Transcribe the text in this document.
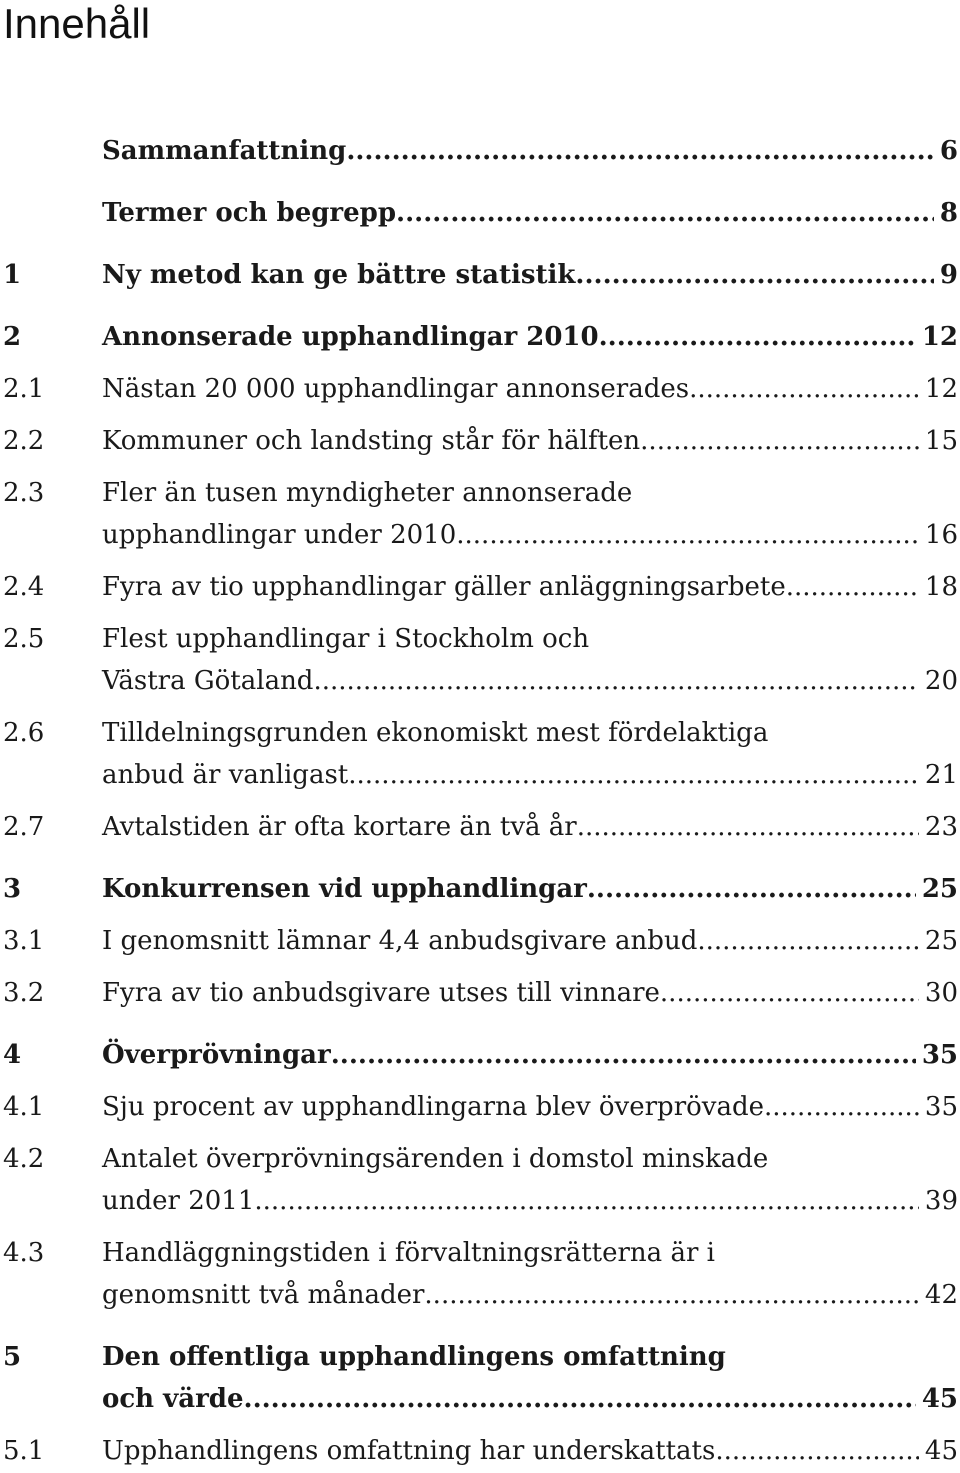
Innehåll
Sammanfattning .....	6
Termer och begrepp .....	8
1	Ny metod kan ge bättre statistik .....	9
2	Annonserade upphandlingar 2010 .....	12
2.1 Nästan 20 000 upphandlingar annonserades .....	12
2.2 Kommuner och landsting står för hälften .....	15
2.3 Fler än tusen myndigheter annonserade
upphandlingar under 2010 .....	16
2.4 Fyra av tio upphandlingar gäller anläggningsarbete .....	18
2.5 Flest upphandlingar i Stockholm och
Västra Götaland .....	20
2.6 Tilldelningsgrunden ekonomiskt mest fördelaktiga
anbud är vanligast .....	21
2.7 Avtalstiden är ofta kortare än två år .....	23
3	Konkurrensen vid upphandlingar .....	25
3.1 I genomsnitt lämnar 4,4 anbudsgivare anbud .....	25
3.2 Fyra av tio anbudsgivare utses till vinnare .....	30
4	Överprövningar .....	35
4.1 Sju procent av upphandlingarna blev överprövade .....	35
4.2 Antalet överprövningsärenden i domstol minskade
under 2011 .....	39
4.3 Handläggningstiden i förvaltningsrätterna är i
genomsnitt två månader .....	42
5	Den offentliga upphandlingens omfattning
och värde .....	45
5.1 Upphandlingens omfattning har underskattats .....	45
